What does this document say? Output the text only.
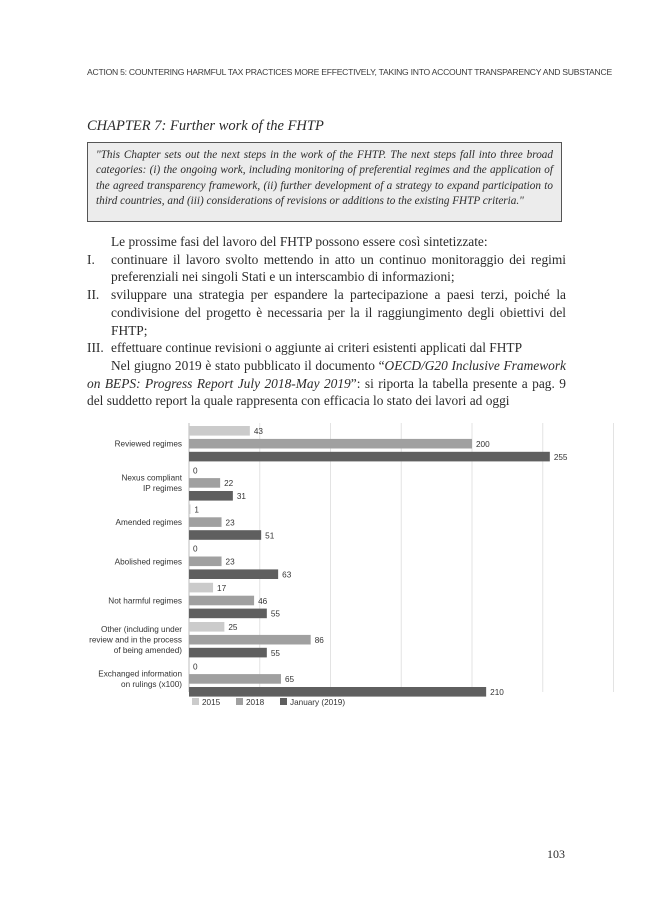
ACTION 5: COUNTERING HARMFUL TAX PRACTICES MORE EFFECTIVELY, TAKING INTO ACCOUNT TRANSPARENCY AND SUBSTANCE
CHAPTER 7: Further work of the FHTP
"This Chapter sets out the next steps in the work of the FHTP. The next steps fall into three broad categories: (i) the ongoing work, including monitoring of preferential regimes and the application of the agreed transparency framework, (ii) further development of a strategy to expand participation to third countries, and (iii) considerations of revisions or additions to the existing FHTP criteria."

Le prossime fasi del lavoro del FHTP possono essere così sintetizzate:

I.	continuare il lavoro svolto mettendo in atto un continuo monitoraggio dei regimi preferenziali nei singoli Stati e un interscambio di informazioni;
II. sviluppare una strategia per espandere la partecipazione a paesi terzi, poiché la condivisione del progetto è necessaria per la il raggiungimento degli obiettivi del FHTP;
III. effettuare continue revisioni o aggiunte ai criteri esistenti applicati dal FHTP

Nel giugno 2019 è stato pubblicato il documento “OECD/G20 Inclusive Framework on BEPS: Progress Report July 2018-May 2019”: si riporta la tabella presente a pag. 9 del suddetto report la quale rappresenta con efficacia lo stato dei lavori ad oggi

Reviewed regimes
43
200
255
Nexus compliant IP regimes
0
22
31
Amended regimes
1
23
51
Abolished regimes
0
23
63
Not harmful regimes
17
46
55
Other (including under review and in the process of being amended)
25
86
55
Exchanged information on rulings (x100)
0
65
210
2015	2018	January (2019)
103
